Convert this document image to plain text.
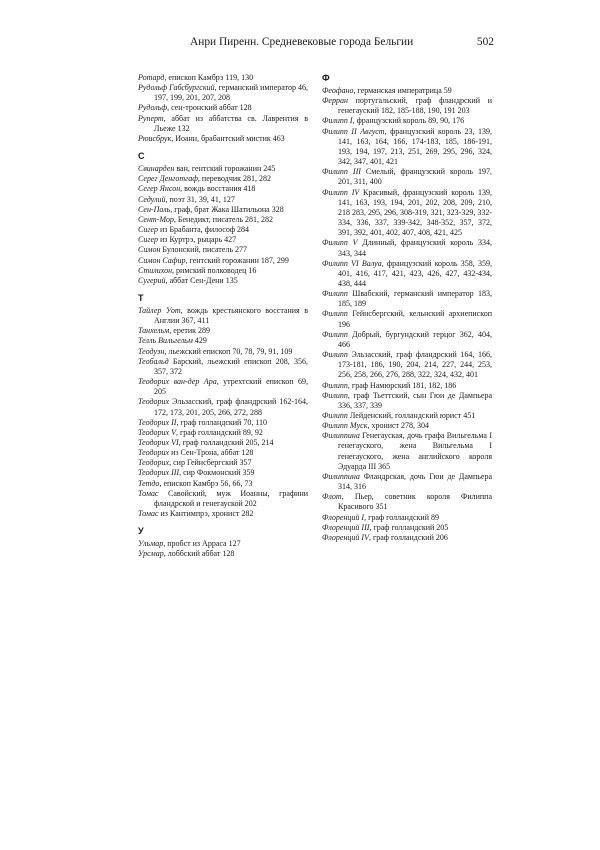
Анри Пиренн. Средневековые города Бельгии	502
Ротард, епископ Камбрэ 119, 130
Рудольф Габсбургский, германский император 46, 197, 199, 201, 207, 208
Рудольф, сен-тронский аббат 128
Руперт, аббат из аббатства св. Лаврентия в Льеже 132
Рюисбрук, Иоанн, брабантский мистик 463
С
Свинарден ван, гентский горожанин 245
Серег Денготгаф, переводчик 281, 282
Сегер Янсон, вождь восстания 418
Седулий, поэт 31, 39, 41, 127
Сен-Поль, граф, брат Жака Шатильона 328
Сент-Мор, Бенедикт, писатель 281, 282
Сигер из Брабанта, философ 284
Сигер из Куртрэ, рыцарь 427
Симон Булонский, писатель 277
Симон Сафир, гентский горожанин 187, 299
Стилихон, римский полководец 16
Сугерий, аббат Сен-Дени 135
Т
Тайлер Уот, вождь крестьянского восстания в Англии 367, 411
Танхельм, еретик 289
Телль Вильгельм 429
Теодуэн, льежский епископ 70, 78, 79, 91, 109
Теобальд Барский, льежский епископ 208, 356, 357, 372
Теодорих ван-дер Ара, утрехтский епископ 69, 205
Теодорих Эльзасский, граф фландрский 162-164, 172, 173, 201, 205, 266, 272, 288
Теодорих II, граф голландский 70, 110
Теодорих V, граф голландский 89, 92
Теодорих VI, граф голландский 205, 214
Теодорих из Сен-Трона, аббат 128
Теодорих, сир Гейнсбергский 357
Теодорих III, сир Фокмонский 359
Тетдо, епископ Камбрэ 56, 66, 73
Томас Савойский, муж Иоанны, графини фландрской и генегауской 202
Томас из Кантимпрэ, хронист 282
У
Ульмар, пробст из Арраса 127
Урсмар, лоббский аббат 128
Ф
Феофано, германская императрица 59
Ферран португальский, граф фландрский и генегауский 182, 185-188, 190, 191 203
Филипп I, французский король 89, 90, 176
Филипп II Август, французский король 23, 139, 141, 163, 164, 166, 174-183, 185, 186-191, 193, 194, 197, 213, 251, 269, 295, 296, 324, 342, 347, 401, 421
Филипп III Смелый, французский король 197, 201, 311, 400
Филипп IV Красивый, французский король 139, 141, 163, 193, 194, 201, 202, 208, 209, 210, 218 283, 295, 296, 308-319, 321, 323-329, 332-334, 336, 337, 339-342, 348-352, 357, 372, 391, 392, 401, 402, 407, 408, 421, 425
Филипп V Длинный, французский король 334, 343, 344
Филипп VI Валуа, французский король 358, 359, 401, 416, 417, 421, 423, 426, 427, 432-434, 438, 444
Филипп Швабский, германский император 183, 185, 189
Филипп Гейнсбергский, кельнский архиепископ 196
Филипп Добрый, бургундский герцог 362, 404, 466
Филипп Эльзасский, граф фландрский 164, 166, 173-181, 186, 190, 204, 214, 227, 244, 253, 256, 258, 266, 276, 288, 322, 324, 432, 401
Филипп, граф Намюрский 181, 182, 186
Филипп, граф Тьеттский, сын Гюи де Дампьера 336, 337, 339
Филипп Лейденский, голландский юрист 451
Филипп Муск, хронист 278, 304
Филиппина Генегауская, дочь графа Вильгельма I генегауского, жена Вильгельма I генегауского, жена английского короля Эдуарда III 365
Филиппина Фландрская, дочь Гюи де Дампьера 314, 316
Флот, Пьер, советник короля Филиппа Красивого 351
Флоренций I, граф голландский 89
Флоренций III, граф голландский 205
Флоренций IV, граф голландский 206
